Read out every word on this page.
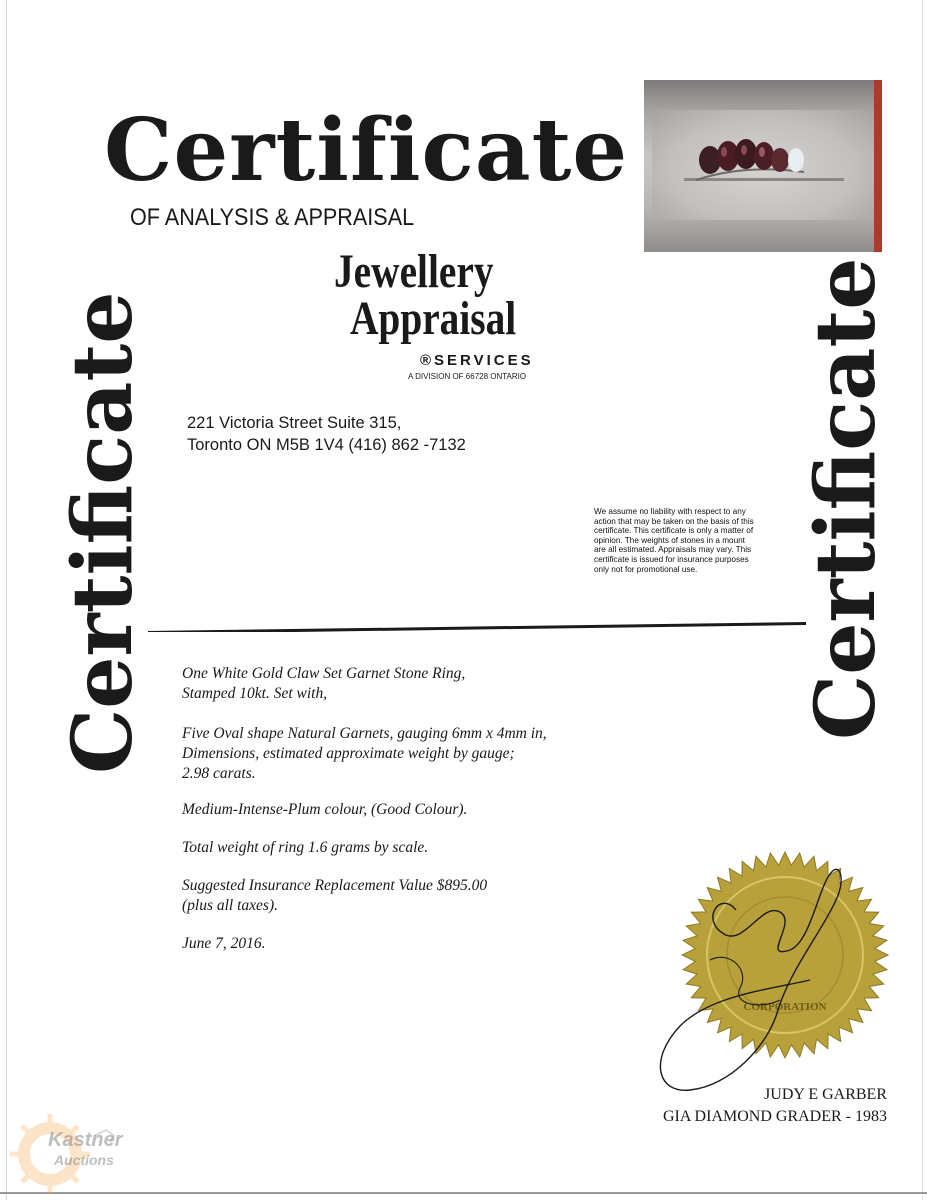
Certificate
OF ANALYSIS & APPRAISAL
Certificate	Certificate
Jewellery
Appraisal
®SERVICES
A DIVISION OF 66728 ONTARIO
221 Victoria Street Suite 315,
Toronto ON M5B 1V4 (416) 862 -7132
We assume no liability with respect to any
action that may be taken on the basis of this
certificate. This certificate is only a matter of
opinion. The weights of stones in a mount
are all estimated. Appraisals may vary. This
certificate is issued for insurance purposes
only not for promotional use.

One White Gold Claw Set Garnet Stone Ring,

Stamped 10kt. Set with,

Five Oval shape Natural Garnets, gauging 6mm x 4mm in,

Dimensions, estimated approximate weight by gauge;

2.98 carats.

Medium-Intense-Plum colour, (Good Colour).

Total weight of ring 1.6 grams by scale.

Suggested Insurance Replacement Value $895.00

(plus all taxes).

June 7, 2016.

CORPORATION
JUDY E GARBER
GIA DIAMOND GRADER - 1983
Kastner
Auctions
